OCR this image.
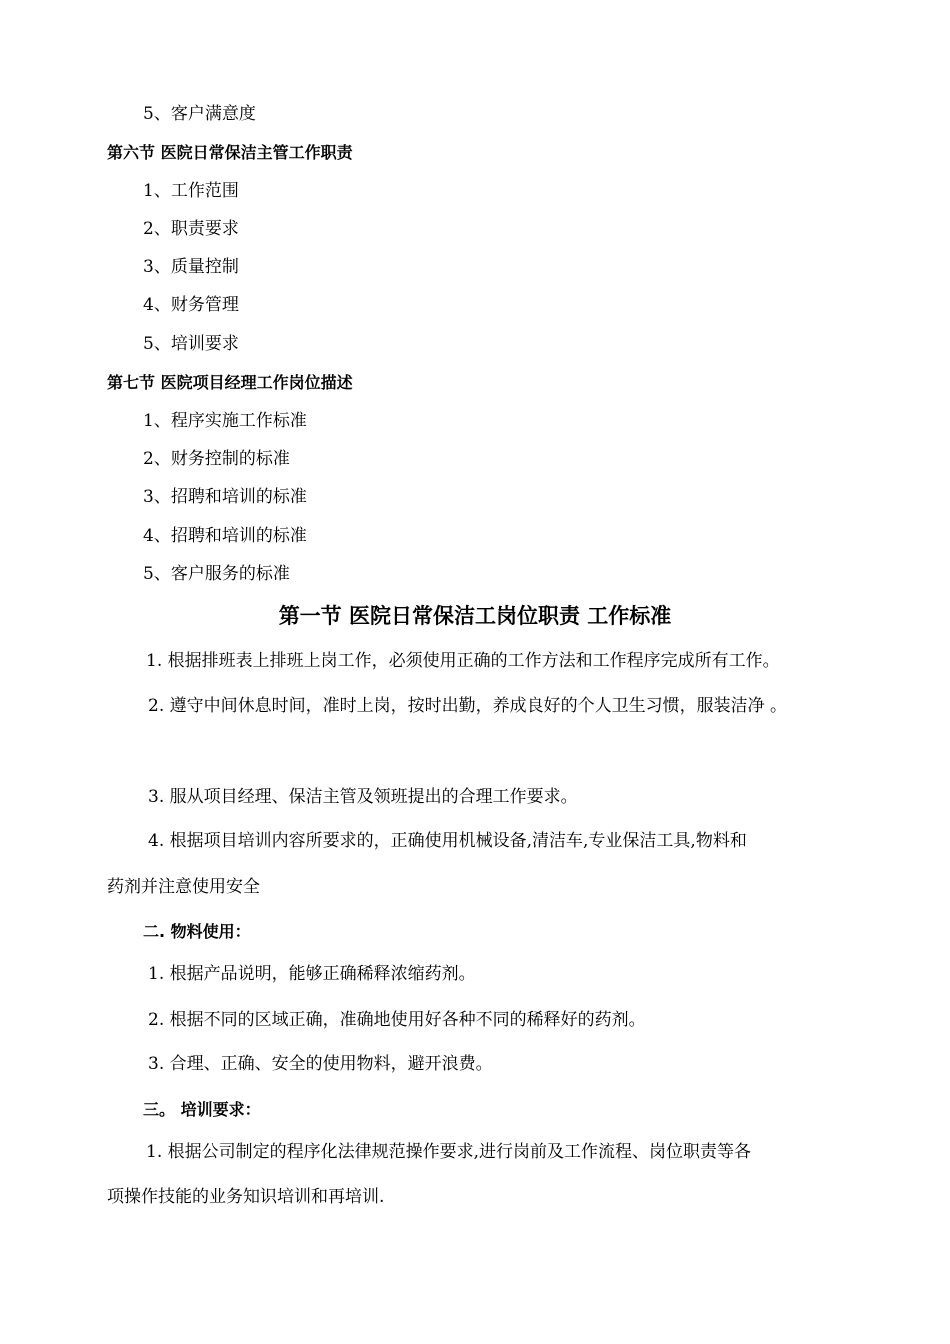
5、客户满意度
第六节 医院日常保洁主管工作职责
1、工作范围
2、职责要求
3、质量控制
4、财务管理
5、培训要求
第七节 医院项目经理工作岗位描述
1、程序实施工作标准
2、财务控制的标准
3、招聘和培训的标准
4、招聘和培训的标准
5、客户服务的标准
第一节 医院日常保洁工岗位职责 工作标准
1. 根据排班表上排班上岗工作，必须使用正确的工作方法和工作程序完成所有工作。
2. 遵守中间休息时间，准时上岗，按时出勤，养成良好的个人卫生习惯，服装洁净 。
3. 服从项目经理、保洁主管及领班提出的合理工作要求。
4. 根据项目培训内容所要求的，正确使用机械设备,清洁车,专业保洁工具,物料和
药剂并注意使用安全
二. 物料使用：
1. 根据产品说明，能够正确稀释浓缩药剂。
2. 根据不同的区域正确，准确地使用好各种不同的稀释好的药剂。
3. 合理、正确、安全的使用物料，避开浪费。
三。 培训要求：
1. 根据公司制定的程序化法律规范操作要求,进行岗前及工作流程、岗位职责等各
项操作技能的业务知识培训和再培训.
